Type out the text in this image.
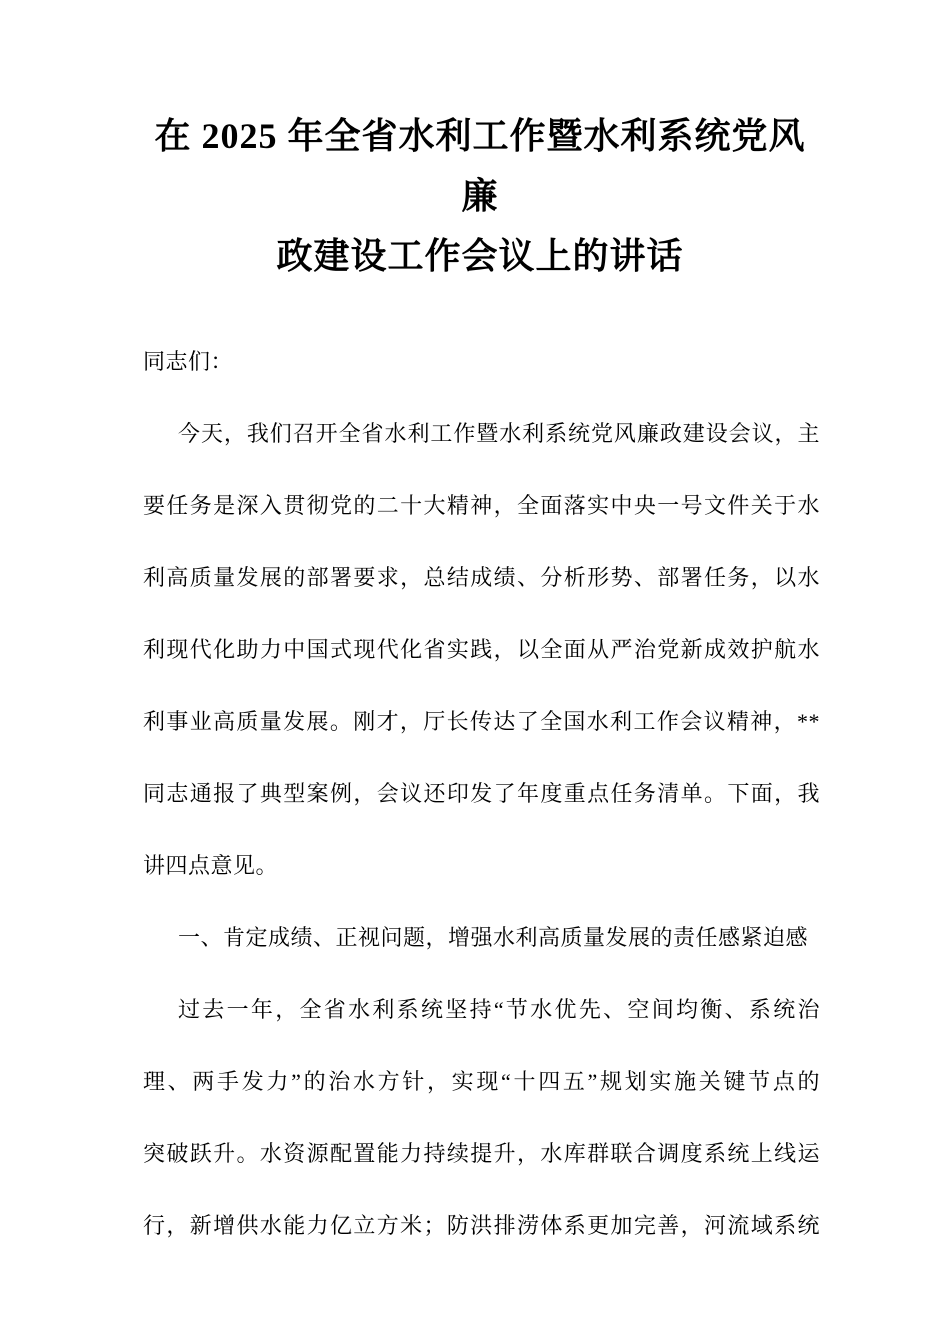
在 2025 年全省水利工作暨水利系统党风廉
政建设工作会议上的讲话
同志们：
今天，我们召开全省水利工作暨水利系统党风廉政建设会议，主
要任务是深入贯彻党的二十大精神，全面落实中央一号文件关于水
利高质量发展的部署要求，总结成绩、分析形势、部署任务，以水
利现代化助力中国式现代化省实践，以全面从严治党新成效护航水
利事业高质量发展。刚才，厅长传达了全国水利工作会议精神，**
同志通报了典型案例，会议还印发了年度重点任务清单。下面，我
讲四点意见。
一、肯定成绩、正视问题，增强水利高质量发展的责任感紧迫感
过去一年，全省水利系统坚持“节水优先、空间均衡、系统治
理、两手发力”的治水方针，实现“十四五”规划实施关键节点的
突破跃升。水资源配置能力持续提升，水库群联合调度系统上线运
行，新增供水能力亿立方米；防洪排涝体系更加完善，河流域系统
